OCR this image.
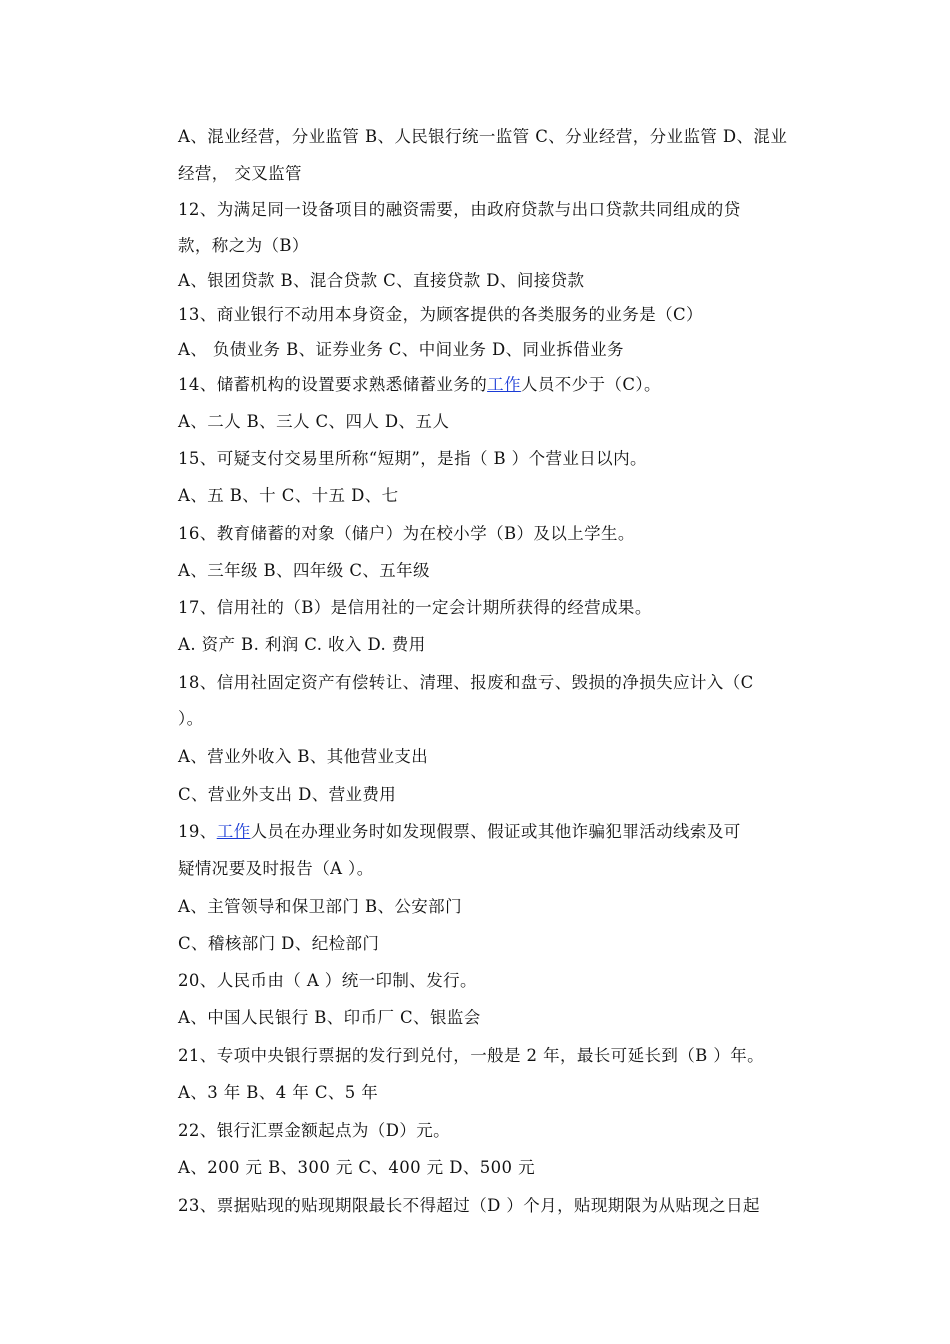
A、混业经营，分业监管 B、人民银行统一监管 C、分业经营，分业监管 D、混业
经营， 交叉监管
12、为满足同一设备项目的融资需要，由政府贷款与出口贷款共同组成的贷
款，称之为（B）
A、银团贷款 B、混合贷款 C、直接贷款 D、间接贷款
13、商业银行不动用本身资金，为顾客提供的各类服务的业务是（C）
A、 负债业务 B、证券业务 C、中间业务 D、同业拆借业务
14、储蓄机构的设置要求熟悉储蓄业务的工作人员不少于（C）。
A、二人 B、三人 C、四人 D、五人
15、可疑支付交易里所称“短期”，是指（ B ）个营业日以内。
A、五 B、十 C、十五 D、七
16、教育储蓄的对象（储户）为在校小学（B）及以上学生。
A、三年级 B、四年级 C、五年级
17、信用社的（B）是信用社的一定会计期所获得的经营成果。
A. 资产 B. 利润 C. 收入 D. 费用
18、信用社固定资产有偿转让、清理、报废和盘亏、毁损的净损失应计入（C
）。
A、营业外收入 B、其他营业支出
C、营业外支出 D、营业费用
19、工作人员在办理业务时如发现假票、假证或其他诈骗犯罪活动线索及可
疑情况要及时报告（A ）。
A、主管领导和保卫部门 B、公安部门
C、稽核部门 D、纪检部门
20、人民币由（ A ）统一印制、发行。
A、中国人民银行 B、印币厂 C、银监会
21、专项中央银行票据的发行到兑付，一般是 2 年，最长可延长到（B ）年。
A、3 年 B、4 年 C、5 年
22、银行汇票金额起点为（D）元。
A、200 元 B、300 元 C、400 元 D、500 元
23、票据贴现的贴现期限最长不得超过（D ）个月，贴现期限为从贴现之日起
